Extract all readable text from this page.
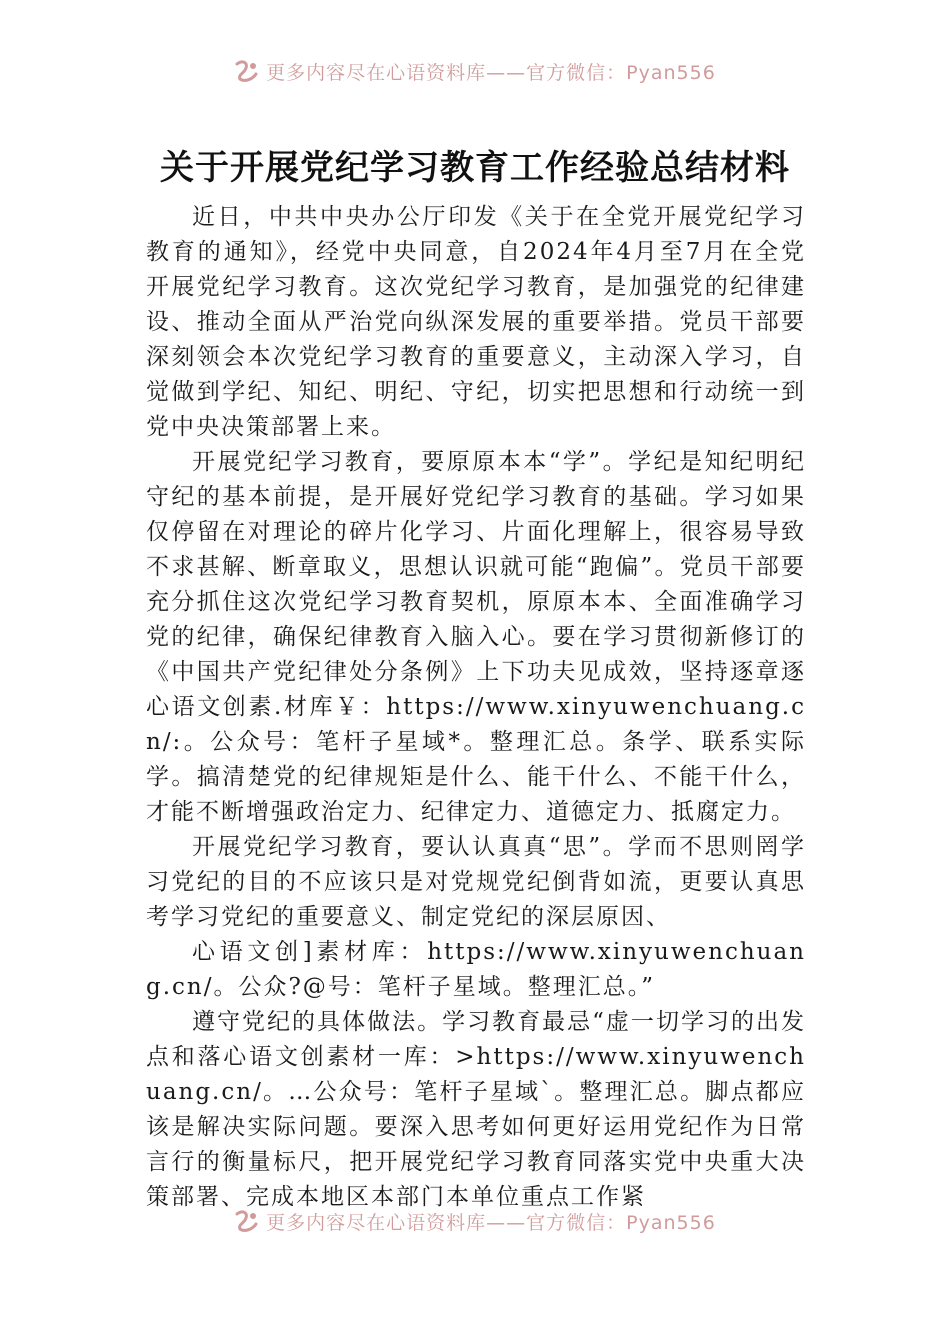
更多内容尽在心语资料库——官方微信：Pyan556
关于开展党纪学习教育工作经验总结材料

近日，中共中央办公厅印发《关于在全党开展党纪学习教育的通知》，经党中央同意，自2024年4月至7月在全党开展党纪学习教育。这次党纪学习教育，是加强党的纪律建设、推动全面从严治党向纵深发展的重要举措。党员干部要深刻领会本次党纪学习教育的重要意义，主动深入学习，自觉做到学纪、知纪、明纪、守纪，切实把思想和行动统一到党中央决策部署上来。

开展党纪学习教育，要原原本本“学”。学纪是知纪明纪守纪的基本前提，是开展好党纪学习教育的基础。学习如果仅停留在对理论的碎片化学习、片面化理解上，很容易导致不求甚解、断章取义，思想认识就可能“跑偏”。党员干部要充分抓住这次党纪学习教育契机，原原本本、全面准确学习党的纪律，确保纪律教育入脑入心。要在学习贯彻新修订的《中国共产党纪律处分条例》上下功夫见成效，坚持逐章逐心语文创素.材库￥：https://www.xinyuwenchuang.cn/:。公众号：笔杆子星域*。整理汇总。条学、联系实际学。搞清楚党的纪律规矩是什么、能干什么、不能干什么，才能不断增强政治定力、纪律定力、道德定力、抵腐定力。

开展党纪学习教育，要认认真真“思”。学而不思则罔学习党纪的目的不应该只是对党规党纪倒背如流，更要认真思考学习党纪的重要意义、制定党纪的深层原因、

心语文创]素材库：https://www.xinyuwenchuang.cn/。公众?@号：笔杆子星域。整理汇总。”

遵守党纪的具体做法。学习教育最忌“虚一切学习的出发点和落心语文创素材一库：>https://www.xinyuwenchuang.cn/。…公众号：笔杆子星域`。整理汇总。脚点都应该是解决实际问题。要深入思考如何更好运用党纪作为日常言行的衡量标尺，把开展党纪学习教育同落实党中央重大决策部署、完成本地区本部门本单位重点工作紧

更多内容尽在心语资料库——官方微信：Pyan556
